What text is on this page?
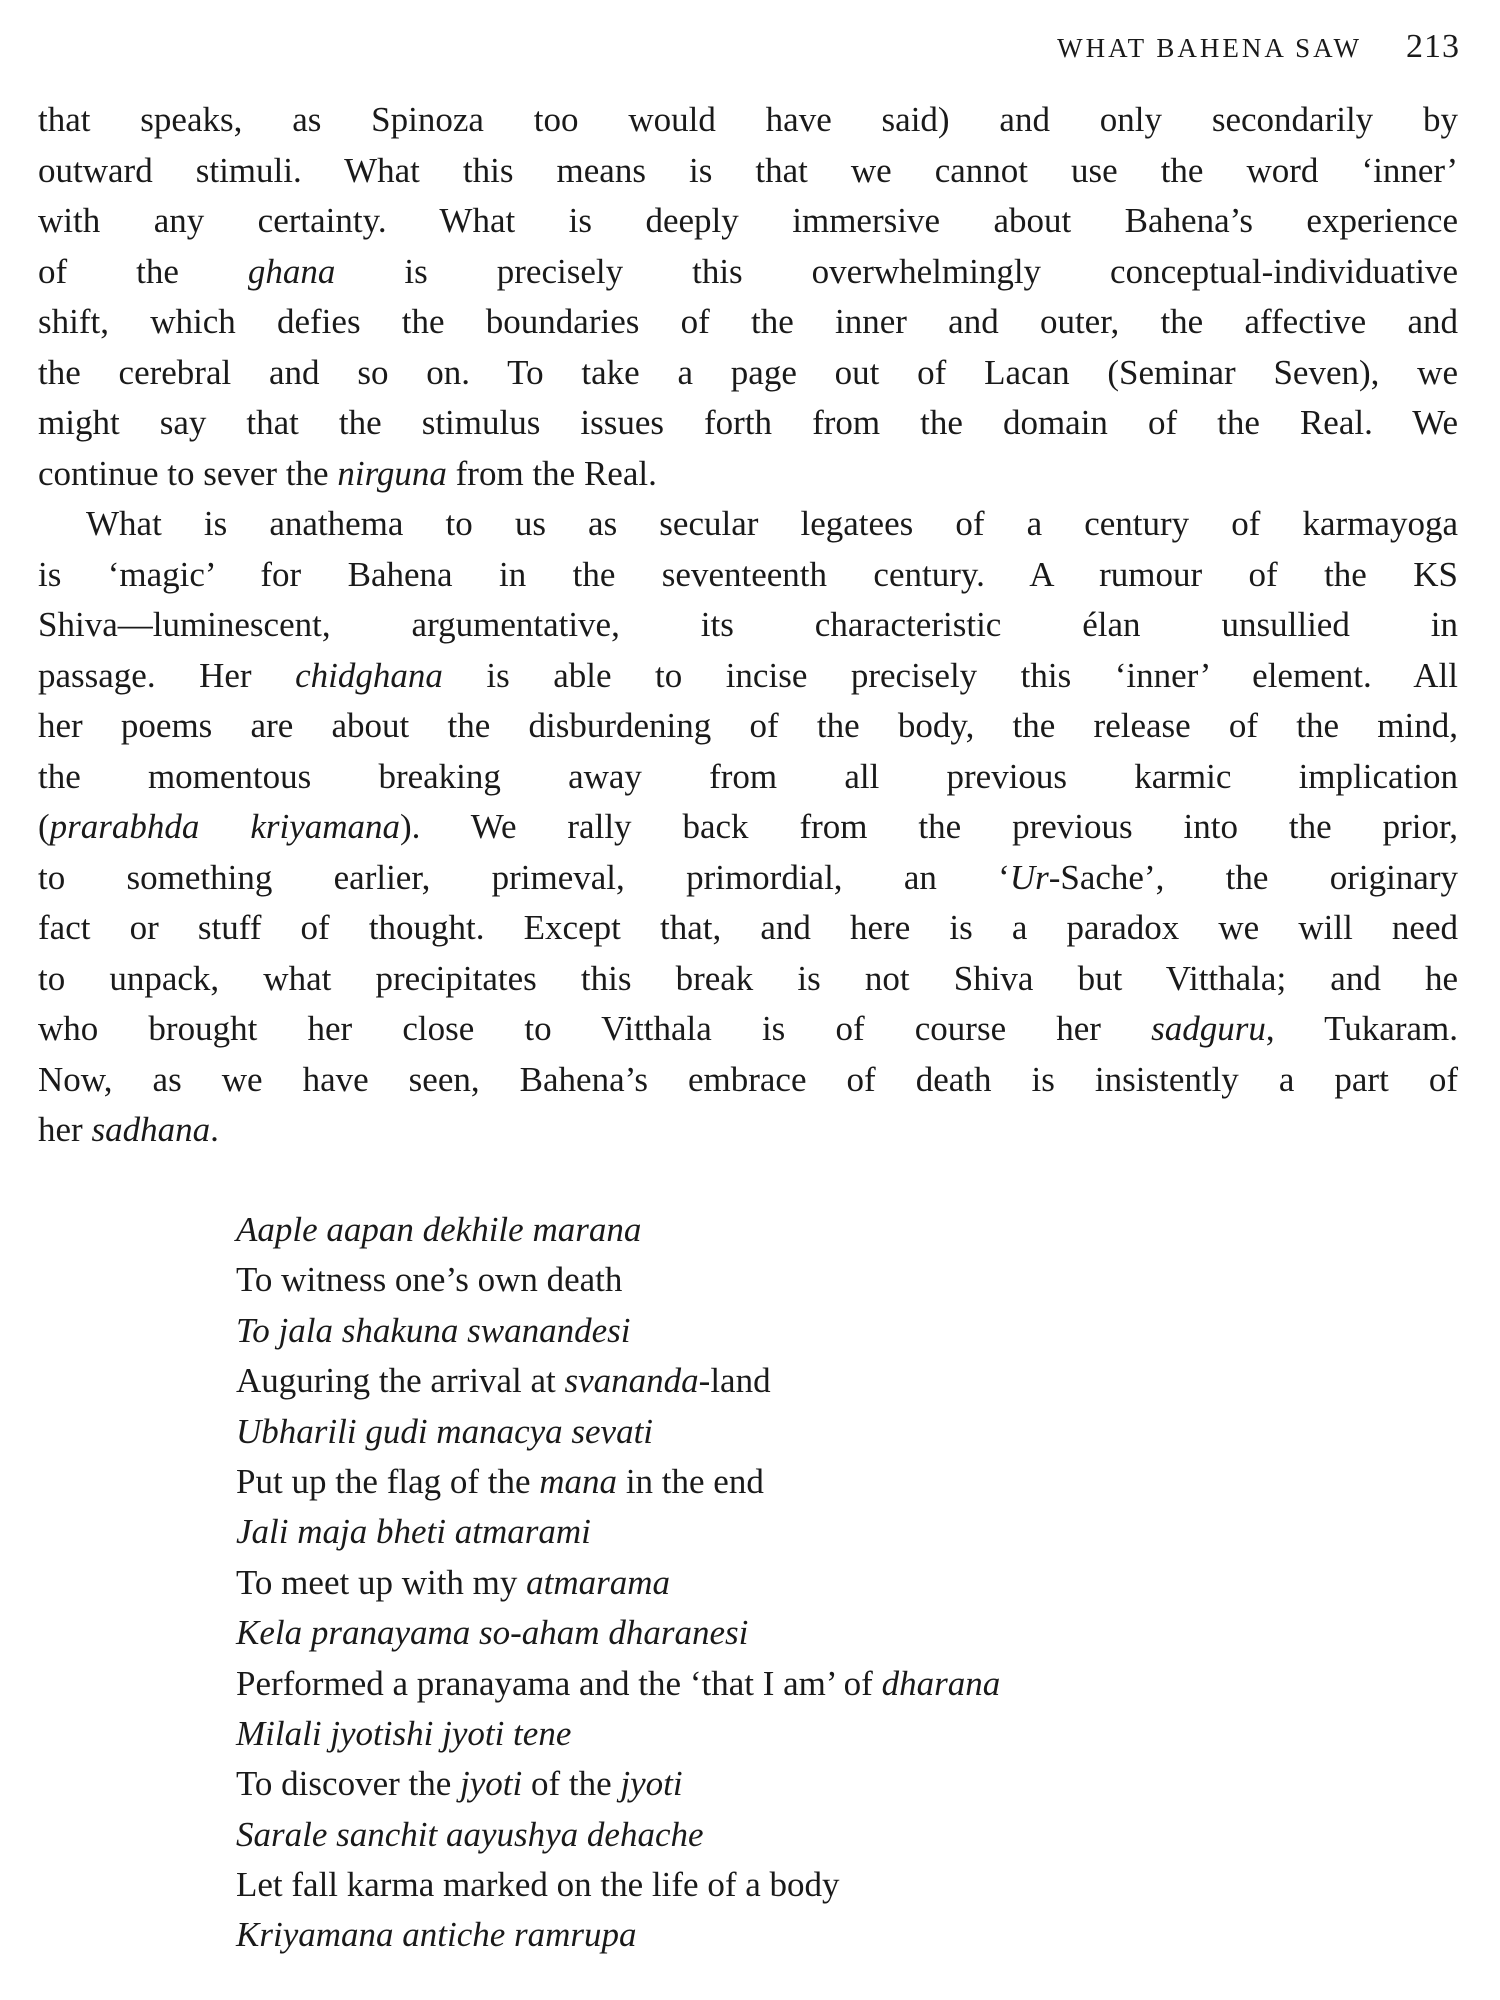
WHAT BAHENA SAW 213
that speaks, as Spinoza too would have said) and only secondarily by
outward stimuli. What this means is that we cannot use the word ‘inner’
with any certainty. What is deeply immersive about Bahena’s experience
of the ghana is precisely this overwhelmingly conceptual-individuative
shift, which defies the boundaries of the inner and outer, the affective and
the cerebral and so on. To take a page out of Lacan (Seminar Seven), we
might say that the stimulus issues forth from the domain of the Real. We
continue to sever the nirguna from the Real.
What is anathema to us as secular legatees of a century of karmayoga
is ‘magic’ for Bahena in the seventeenth century. A rumour of the KS
Shiva—luminescent, argumentative, its characteristic élan unsullied in
passage. Her chidghana is able to incise precisely this ‘inner’ element. All
her poems are about the disburdening of the body, the release of the mind,
the momentous breaking away from all previous karmic implication
(prarabhda kriyamana). We rally back from the previous into the prior,
to something earlier, primeval, primordial, an ‘Ur-Sache’, the originary
fact or stuff of thought. Except that, and here is a paradox we will need
to unpack, what precipitates this break is not Shiva but Vitthala; and he
who brought her close to Vitthala is of course her sadguru, Tukaram.
Now, as we have seen, Bahena’s embrace of death is insistently a part of
her sadhana.
Aaple aapan dekhile marana
To witness one’s own death
To jala shakuna swanandesi
Auguring the arrival at svananda-land
Ubharili gudi manacya sevati
Put up the flag of the mana in the end
Jali maja bheti atmarami
To meet up with my atmarama
Kela pranayama so-aham dharanesi
Performed a pranayama and the ‘that I am’ of dharana
Milali jyotishi jyoti tene
To discover the jyoti of the jyoti
Sarale sanchit aayushya dehache
Let fall karma marked on the life of a body
Kriyamana antiche ramrupa
